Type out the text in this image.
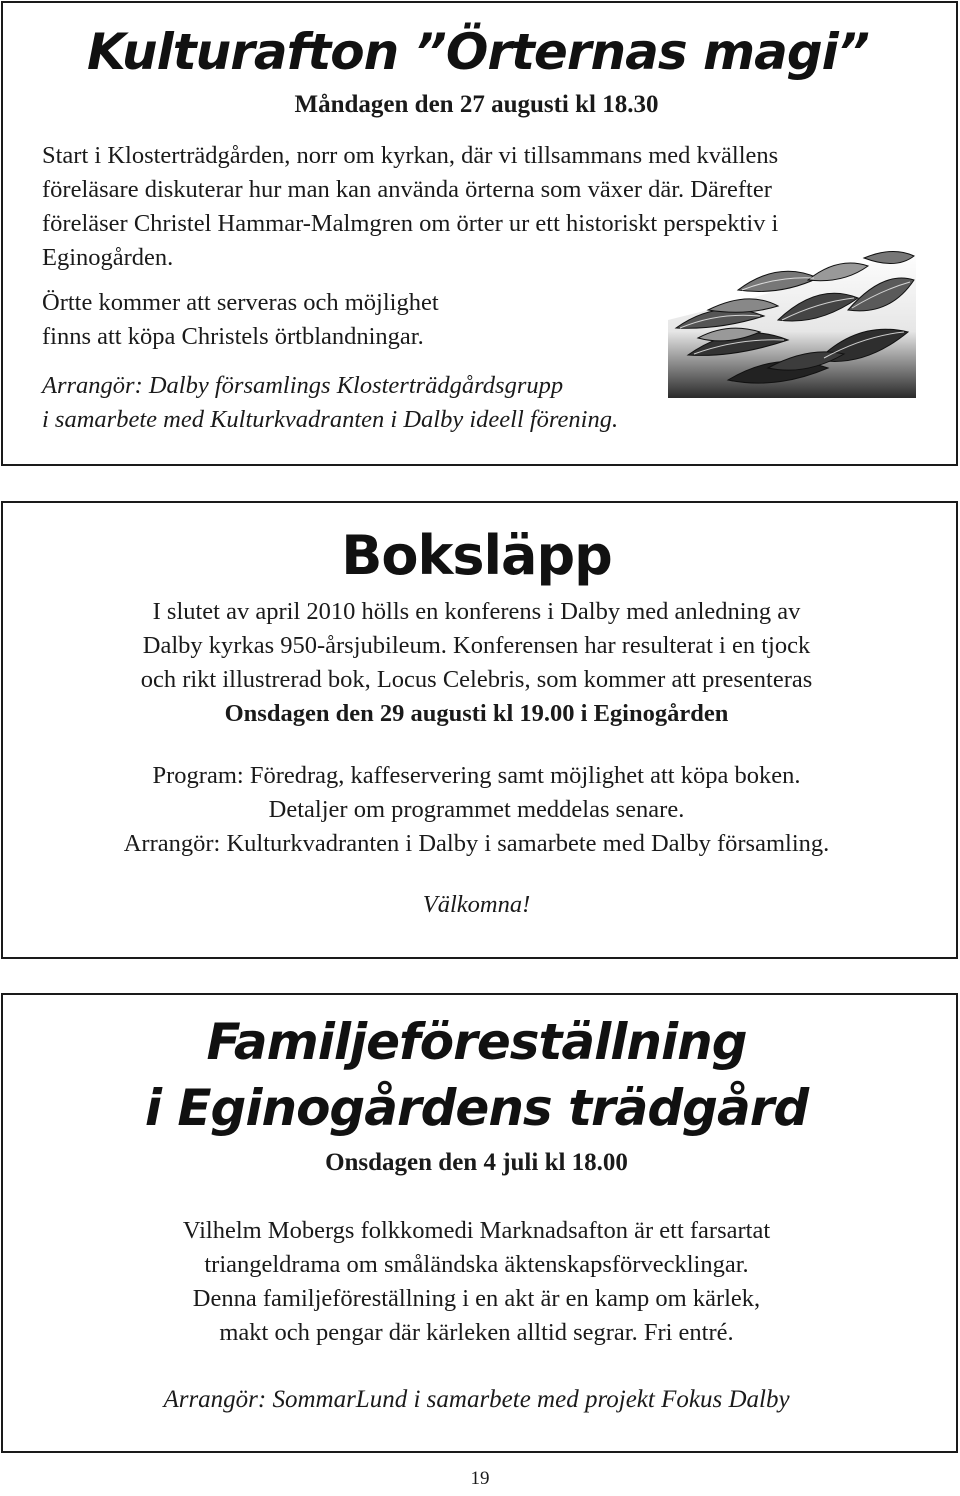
Kulturafton ”Örternas magi”

Måndagen den 27 augusti kl 18.30

Start i Klosterträdgården, norr om kyrkan, där vi tillsammans med kvällens

föreläsare diskuterar hur man kan använda örterna som växer där. Därefter

föreläser Christel Hammar-Malmgren om örter ur ett historiskt perspektiv i

Eginogården.

Örtte kommer att serveras och möjlighet

finns att köpa Christels örtblandningar.

Arrangör: Dalby församlings Klosterträdgårdsgrupp

i samarbete med Kulturkvadranten i Dalby ideell förening.

Boksläpp

I slutet av april 2010 hölls en konferens i Dalby med anledning av

Dalby kyrkas 950-årsjubileum. Konferensen har resulterat i en tjock

och rikt illustrerad bok, Locus Celebris, som kommer att presenteras

Onsdagen den 29 augusti kl 19.00 i Eginogården

Program: Föredrag, kaffeservering samt möjlighet att köpa boken.

Detaljer om programmet meddelas senare.

Arrangör: Kulturkvadranten i Dalby i samarbete med Dalby församling.

Välkomna!

Familjeföreställning
i Eginogårdens trädgård

Onsdagen den 4 juli kl 18.00

Vilhelm Mobergs folkkomedi Marknadsafton är ett farsartat

triangeldrama om småländska äktenskapsförvecklingar.

Denna familjeföreställning i en akt är en kamp om kärlek,

makt och pengar där kärleken alltid segrar. Fri entré.

Arrangör: SommarLund i samarbete med projekt Fokus Dalby

19
